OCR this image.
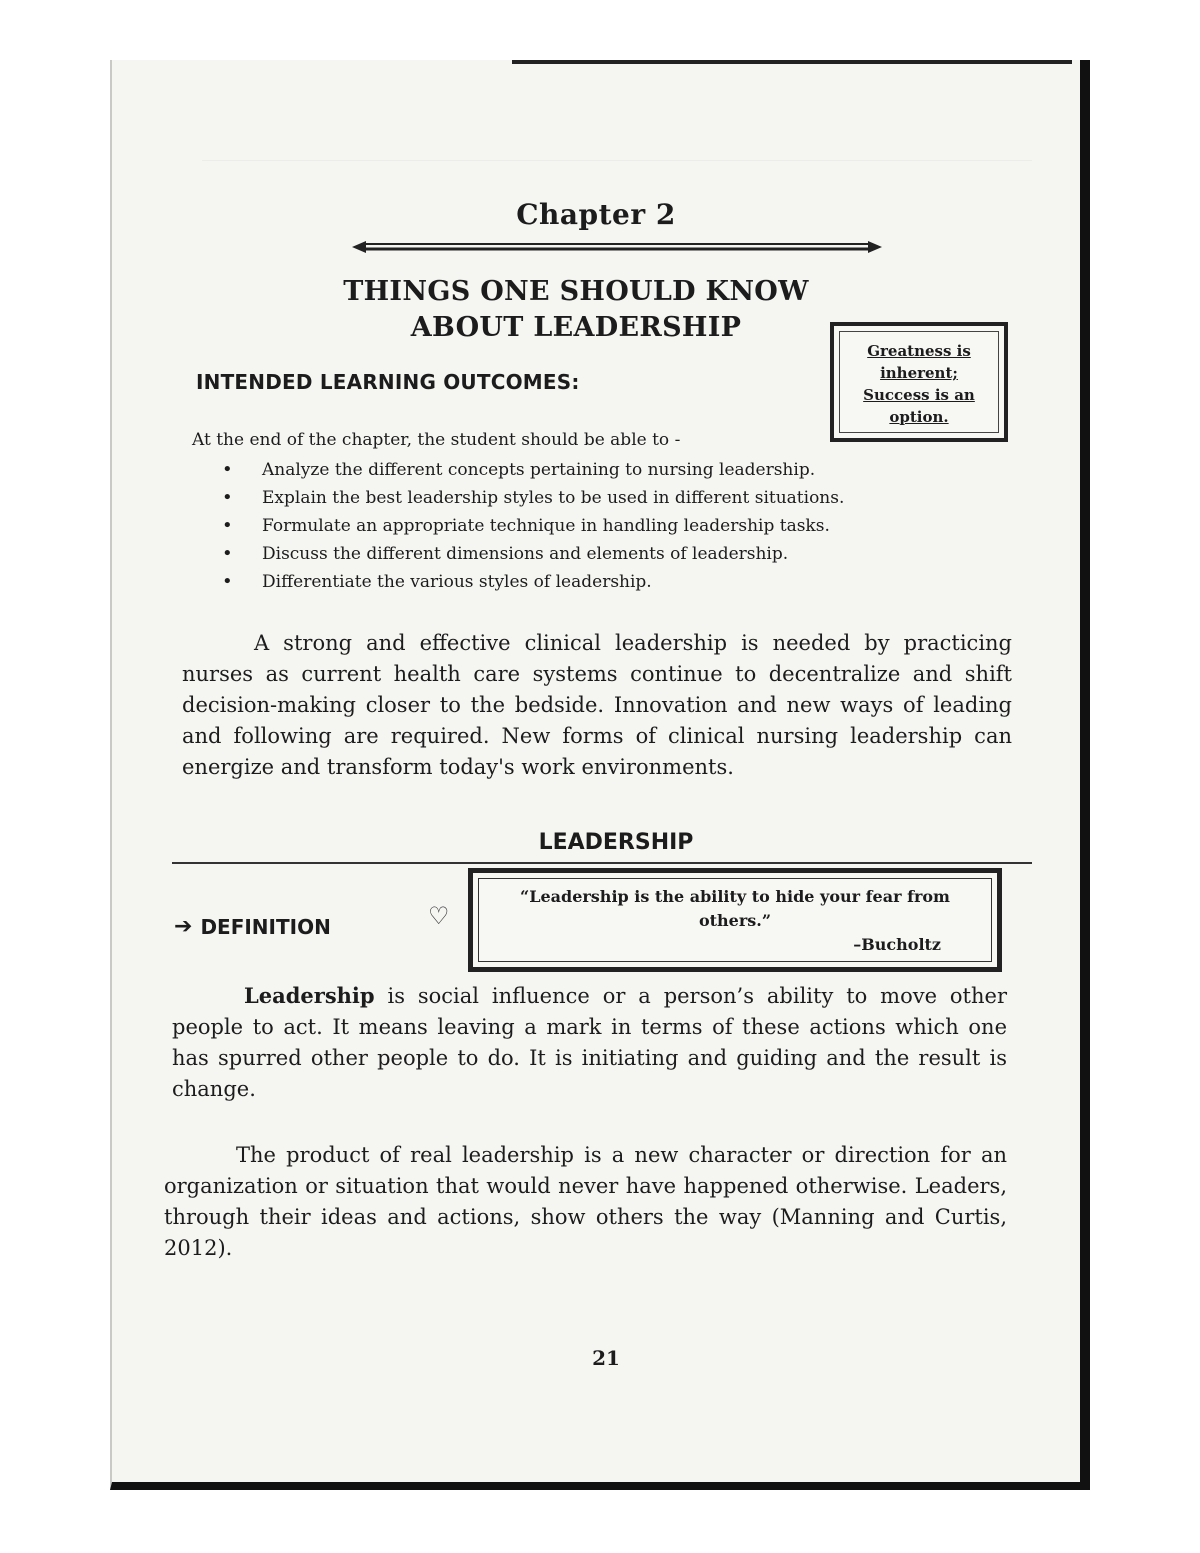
Chapter 2
THINGS ONE SHOULD KNOW
ABOUT LEADERSHIP
Greatness is
inherent;
Success is an
option.
INTENDED LEARNING OUTCOMES:
At the end of the chapter, the student should be able to -
• Analyze the different concepts pertaining to nursing leadership.
• Explain the best leadership styles to be used in different situations.
• Formulate an appropriate technique in handling leadership tasks.
• Discuss the different dimensions and elements of leadership.
• Differentiate the various styles of leadership.
A strong and effective clinical leadership is needed by practicing nurses as current health care systems continue to decentralize and shift decision-making closer to the bedside. Innovation and new ways of leading and following are required. New forms of clinical nursing leadership can energize and transform today's work environments.
LEADERSHIP
“Leadership is the ability to hide your fear from others.”
–Bucholtz
➔ DEFINITION	♡
Leadership is social influence or a person’s ability to move other people to act. It means leaving a mark in terms of these actions which one has spurred other people to do. It is initiating and guiding and the result is change.
The product of real leadership is a new character or direction for an organization or situation that would never have happened otherwise. Leaders, through their ideas and actions, show others the way (Manning and Curtis, 2012).
21
